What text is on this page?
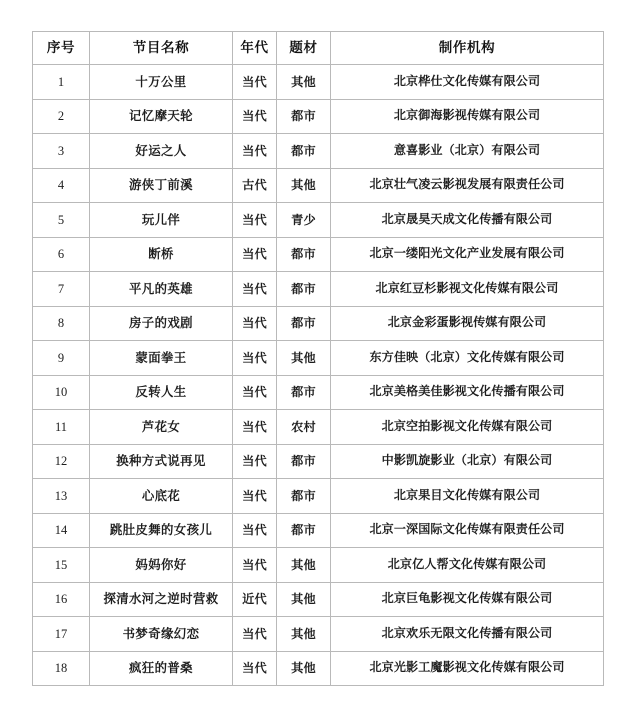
序号	节目名称	年代	题材	制作机构
1	十万公里	当代	其他	北京桦仕文化传媒有限公司
2	记忆摩天轮	当代	都市	北京御海影视传媒有限公司
3	好运之人	当代	都市	意喜影业（北京）有限公司
4	游侠丁前溪	古代	其他	北京壮气凌云影视发展有限责任公司
5	玩儿伴	当代	青少	北京晟昊天成文化传播有限公司
6	断桥	当代	都市	北京一缕阳光文化产业发展有限公司
7	平凡的英雄	当代	都市	北京红豆杉影视文化传媒有限公司
8	房子的戏剧	当代	都市	北京金彩蛋影视传媒有限公司
9	蒙面拳王	当代	其他	东方佳映（北京）文化传媒有限公司
10	反转人生	当代	都市	北京美格美佳影视文化传播有限公司
11	芦花女	当代	农村	北京空拍影视文化传媒有限公司
12	换种方式说再见	当代	都市	中影凯旋影业（北京）有限公司
13	心底花	当代	都市	北京果目文化传媒有限公司
14	跳肚皮舞的女孩儿	当代	都市	北京一深国际文化传媒有限责任公司
15	妈妈你好	当代	其他	北京亿人帮文化传媒有限公司
16	探清水河之逆时营救	近代	其他	北京巨龟影视文化传媒有限公司
17	书梦奇缘幻恋	当代	其他	北京欢乐无限文化传播有限公司
18	疯狂的普桑	当代	其他	北京光影工魔影视文化传媒有限公司
